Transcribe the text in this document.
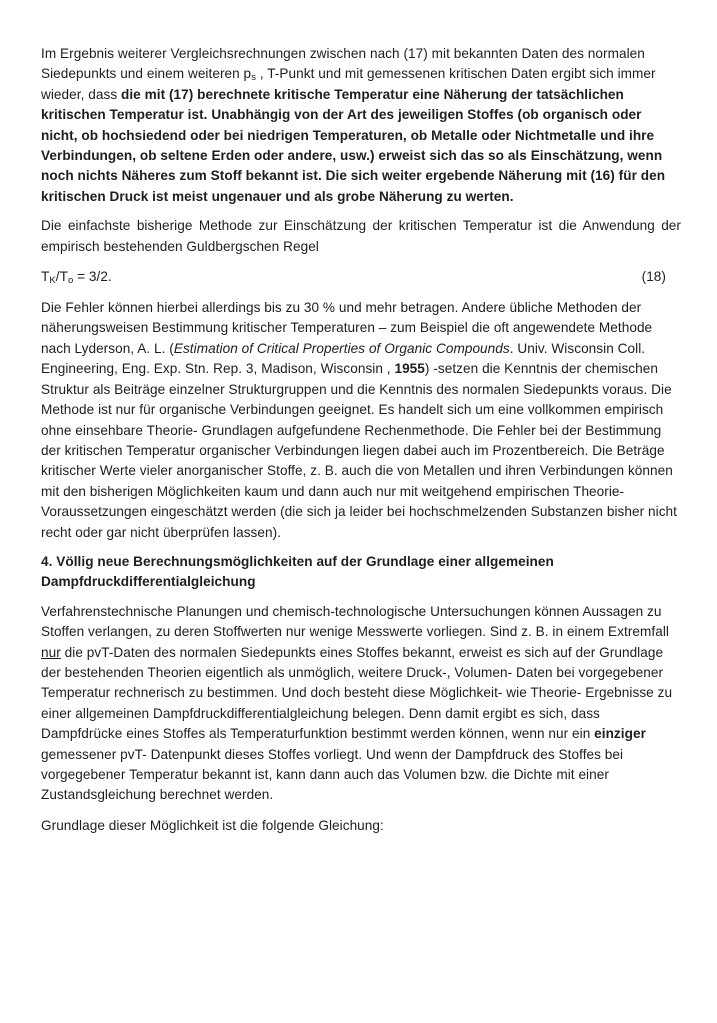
Im Ergebnis weiterer Vergleichsrechnungen zwischen nach (17) mit bekannten Daten des normalen Siedepunkts und einem weiteren $p_s$ , T-Punkt und mit gemessenen kritischen Daten ergibt sich immer wieder, dass die mit (17) berechnete kritische Temperatur eine Näherung der tatsächlichen kritischen Temperatur ist. Unabhängig von der Art des jeweiligen Stoffes (ob organisch oder nicht, ob hochsiedend oder bei niedrigen Temperaturen, ob Metalle oder Nichtmetalle und ihre Verbindungen, ob seltene Erden oder andere, usw.) erweist sich das so als Einschätzung, wenn noch nichts Näheres zum Stoff bekannt ist. Die sich weiter ergebende Näherung mit (16) für den kritischen Druck ist meist ungenauer und als grobe Näherung zu werten.

Die einfachste bisherige Methode zur Einschätzung der kritischen Temperatur ist die Anwendung der empirisch bestehenden Guldbergschen Regel

$T_K/T_o = 3/2$.	(18)

Die Fehler können hierbei allerdings bis zu 30 % und mehr betragen. Andere übliche Methoden der näherungsweisen Bestimmung kritischer Temperaturen – zum Beispiel die oft angewendete Methode nach Lyderson, A. L. (Estimation of Critical Properties of Organic Compounds. Univ. Wisconsin Coll. Engineering, Eng. Exp. Stn. Rep. 3, Madison, Wisconsin , 1955) -setzen die Kenntnis der chemischen Struktur als Beiträge einzelner Strukturgruppen und die Kenntnis des normalen Siedepunkts voraus. Die Methode ist nur für organische Verbindungen geeignet. Es handelt sich um eine vollkommen empirisch ohne einsehbare Theorie- Grundlagen aufgefundene Rechenmethode. Die Fehler bei der Bestimmung der kritischen Temperatur organischer Verbindungen liegen dabei auch im Prozentbereich. Die Beträge kritischer Werte vieler anorganischer Stoffe, z. B. auch die von Metallen und ihren Verbindungen können mit den bisherigen Möglichkeiten kaum und dann auch nur mit weitgehend empirischen Theorie- Voraussetzungen eingeschätzt werden (die sich ja leider bei hochschmelzenden Substanzen bisher nicht recht oder gar nicht überprüfen lassen).

4. Völlig neue Berechnungsmöglichkeiten auf der Grundlage einer allgemeinen
Dampfdruckdifferentialgleichung

Verfahrenstechnische Planungen und chemisch-technologische Untersuchungen können Aussagen zu Stoffen verlangen, zu deren Stoffwerten nur wenige Messwerte vorliegen. Sind z. B. in einem Extremfall nur die pvT-Daten des normalen Siedepunkts eines Stoffes bekannt, erweist es sich auf der Grundlage der bestehenden Theorien eigentlich als unmöglich, weitere Druck-, Volumen- Daten bei vorgegebener Temperatur rechnerisch zu bestimmen. Und doch besteht diese Möglichkeit- wie Theorie- Ergebnisse zu einer allgemeinen Dampfdruckdifferentialgleichung belegen. Denn damit ergibt es sich, dass Dampfdrücke eines Stoffes als Temperaturfunktion bestimmt werden können, wenn nur ein einziger gemessener pvT- Datenpunkt dieses Stoffes vorliegt. Und wenn der Dampfdruck des Stoffes bei vorgegebener Temperatur bekannt ist, kann dann auch das Volumen bzw. die Dichte mit einer Zustandsgleichung berechnet werden.

Grundlage dieser Möglichkeit ist die folgende Gleichung:
